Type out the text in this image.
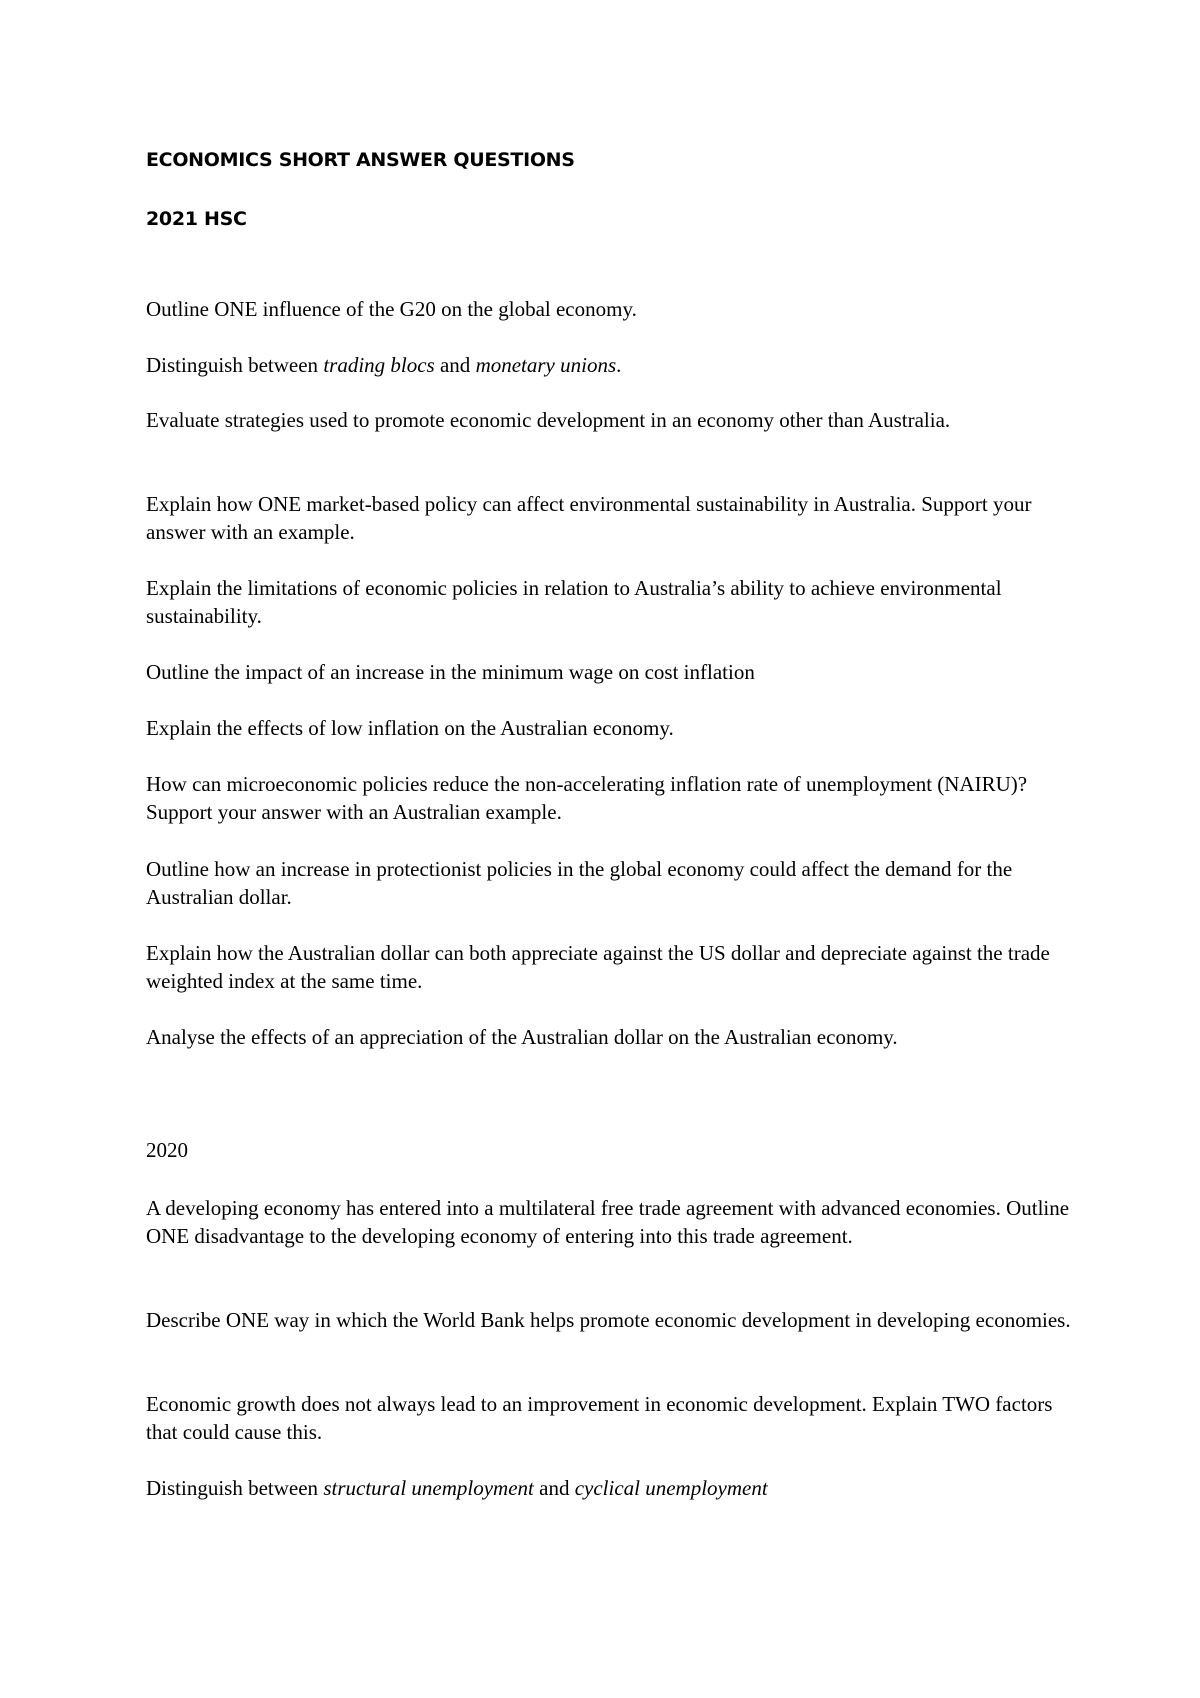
ECONOMICS SHORT ANSWER QUESTIONS

2021 HSC

Outline ONE influence of the G20 on the global economy.

Distinguish between trading blocs and monetary unions.

Evaluate strategies used to promote economic development in an economy other than Australia.

Explain how ONE market-based policy can affect environmental sustainability in Australia. Support your answer with an example.

Explain the limitations of economic policies in relation to Australia’s ability to achieve environmental sustainability.

Outline the impact of an increase in the minimum wage on cost inflation

Explain the effects of low inflation on the Australian economy.

How can microeconomic policies reduce the non-accelerating inflation rate of unemployment (NAIRU)? Support your answer with an Australian example.

Outline how an increase in protectionist policies in the global economy could affect the demand for the Australian dollar.

Explain how the Australian dollar can both appreciate against the US dollar and depreciate against the trade weighted index at the same time.

Analyse the effects of an appreciation of the Australian dollar on the Australian economy.

2020

A developing economy has entered into a multilateral free trade agreement with advanced economies. Outline ONE disadvantage to the developing economy of entering into this trade agreement.

Describe ONE way in which the World Bank helps promote economic development in developing economies.

Economic growth does not always lead to an improvement in economic development. Explain TWO factors that could cause this.

Distinguish between structural unemployment and cyclical unemployment
